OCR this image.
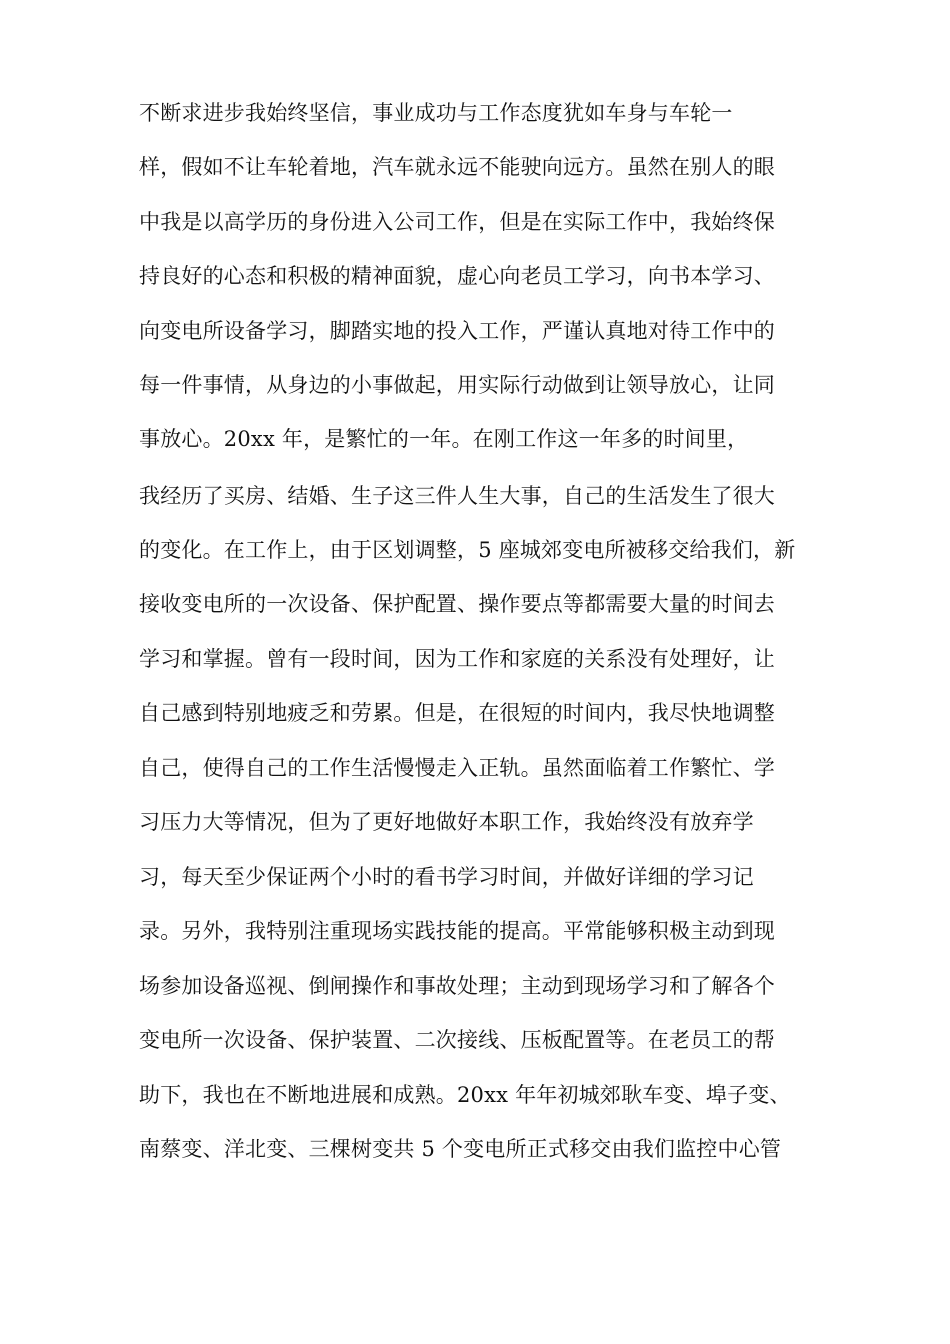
不断求进步我始终坚信，事业成功与工作态度犹如车身与车轮一
样，假如不让车轮着地，汽车就永远不能驶向远方。虽然在别人的眼
中我是以高学历的身份进入公司工作，但是在实际工作中，我始终保
持良好的心态和积极的精神面貌，虚心向老员工学习，向书本学习、
向变电所设备学习，脚踏实地的投入工作，严谨认真地对待工作中的
每一件事情，从身边的小事做起，用实际行动做到让领导放心，让同
事放心。20xx 年，是繁忙的一年。在刚工作这一年多的时间里，
我经历了买房、结婚、生子这三件人生大事，自己的生活发生了很大
的变化。在工作上，由于区划调整，5 座城郊变电所被移交给我们，新
接收变电所的一次设备、保护配置、操作要点等都需要大量的时间去
学习和掌握。曾有一段时间，因为工作和家庭的关系没有处理好，让
自己感到特别地疲乏和劳累。但是，在很短的时间内，我尽快地调整
自己，使得自己的工作生活慢慢走入正轨。虽然面临着工作繁忙、学
习压力大等情况，但为了更好地做好本职工作，我始终没有放弃学
习，每天至少保证两个小时的看书学习时间，并做好详细的学习记
录。另外，我特别注重现场实践技能的提高。平常能够积极主动到现
场参加设备巡视、倒闸操作和事故处理；主动到现场学习和了解各个
变电所一次设备、保护装置、二次接线、压板配置等。在老员工的帮
助下，我也在不断地进展和成熟。20xx 年年初城郊耿车变、埠子变、
南蔡变、洋北变、三棵树变共 5 个变电所正式移交由我们监控中心管
